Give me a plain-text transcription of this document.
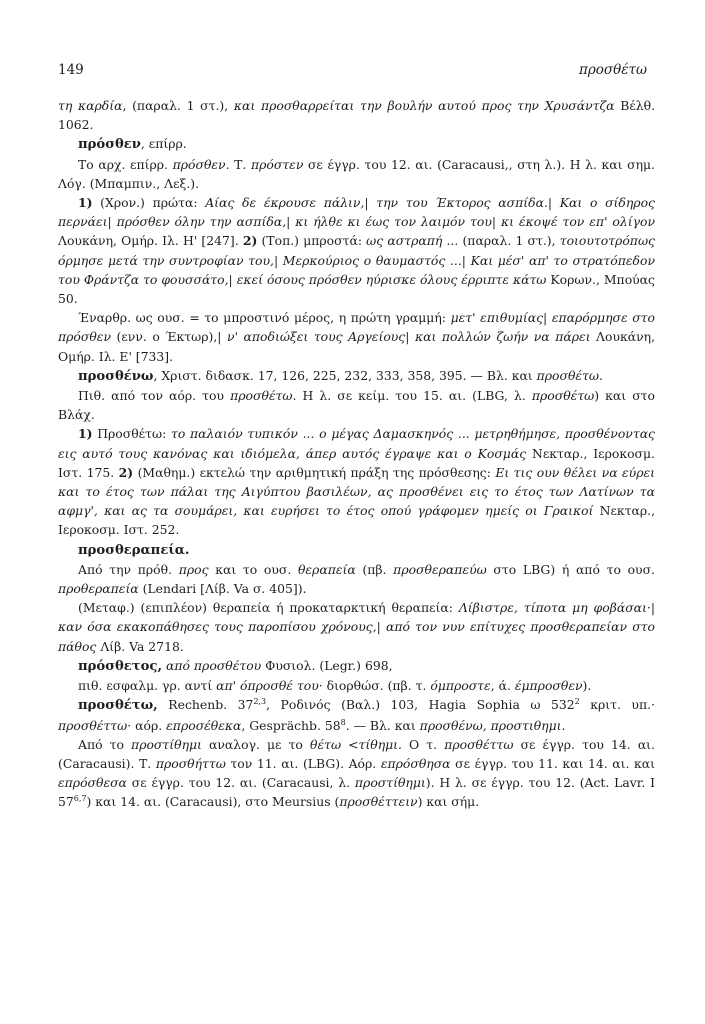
149	προσθέτω

τη καρδία, (παραλ. 1 στ.), και προσθαρρείται την βουλήν αυτού προς την Χρυσάντζα Βέλθ. 1062.

πρόσθεν, επίρρ.

Το αρχ. επίρρ. πρόσθεν. Τ. πρόστεν σε έγγρ. του 12. αι. (Caracausi,, στη λ.). Η λ. και σημ. Λόγ. (Μπαμπιν., Λεξ.).

1) (Χρον.) πρώτα: Αίας δε έκρουσε πάλιν,| την του Έκτορος ασπίδα.| Και ο σίδηρος περνάει| πρόσθεν όλην την ασπίδα,| κι ήλθε κι έως τον λαιμόν του| κι έκοψέ τον επ' ολίγον Λουκάνη, Ομήρ. Ιλ. Η' [247]. 2) (Τοπ.) μπροστά: ως αστραπή ... (παραλ. 1 στ.), τοιουτοτρόπως όρμησε μετά την συντροφίαν του,| Μερκούριος ο θαυμαστός ...| Και μέσ' απ' το στρατόπεδον του Φράντζα το φουσσάτο,| εκεί όσους πρόσθεν ηύρισκε όλους έρριπτε κάτω Κορων., Μπούας 50.

Έναρθρ. ως ουσ. = το μπροστινό μέρος, η πρώτη γραμμή: μετ' επιθυμίας| επαρόρμησε στο πρόσθεν (ενν. ο Έκτωρ),| ν' αποδιώξει τους Αργείους| και πολλών ζωήν να πάρει Λουκάνη, Ομήρ. Ιλ. Ε' [733].

προσθένω, Χριστ. διδασκ. 17, 126, 225, 232, 333, 358, 395. — Βλ. και προσθέτω.

Πιθ. από τον αόρ. του προσθέτω. Η λ. σε κείμ. του 15. αι. (LBG, λ. προσθέτω) και στο Βλάχ.

1) Προσθέτω: το παλαιόν τυπικόν ... ο μέγας Δαμασκηνός ... μετρηθήμησε, προσθένοντας εις αυτό τους κανόνας και ιδιόμελα, άπερ αυτός έγραψε και ο Κοσμάς Νεκταρ., Ιεροκοσμ. Ιστ. 175. 2) (Μαθημ.) εκτελώ την αριθμητική πράξη της πρόσθεσης: Ει τις ουν θέλει να εύρει και το έτος των πάλαι της Αιγύπτου βασιλέων, ας προσθένει εις το έτος των Λατίνων τα αφμγ', και ας τα σουμάρει, και ευρήσει το έτος οπού γράφομεν ημείς οι Γραικοί Νεκταρ., Ιεροκοσμ. Ιστ. 252.

προσθεραπεία.

Από την πρόθ. προς και το ουσ. θεραπεία (πβ. προσθεραπεύω στο LBG) ή από το ουσ. προθεραπεία (Lendari [Λίβ. Va σ. 405]).

(Μεταφ.) (επιπλέον) θεραπεία ή προκαταρκτική θεραπεία: Λίβιστρε, τίποτα μη φοβάσαι·| καν όσα εκακοπάθησες τους παροπίσου χρόνους,| από τον νυν επίτυχες προσθεραπείαν στο πάθος Λίβ. Va 2718.

πρόσθετος, από προσθέτου Φυσιολ. (Legr.) 698,

πιθ. εσφαλμ. γρ. αντί απ' όπροσθέ του· διορθώσ. (πβ. τ. όμπροστε, ά. έμπροσθεν).

προσθέτω, Rechenb. 37$^{2,3}$, Ροδινός (Βαλ.) 103, Hagia Sophia ω $532^2$ κριτ. υπ.· προσθέττω· αόρ. επροσέθεκα, Gesprächb. $58^8$. — Βλ. και προσθένω, προστιθημι.

Από το προστίθημι αναλογ. με το θέτω <τίθημι. Ο τ. προσθέττω σε έγγρ. του 14. αι. (Caracausi). Τ. προσθήττω τον 11. αι. (LBG). Αόρ. επρόσθησα σε έγγρ. του 11. και 14. αι. και επρόσθεσα σε έγγρ. του 12. αι. (Caracausi, λ. προστίθημι). Η λ. σε έγγρ. του 12. (Act. Lavr. I 57$^{6,7}$) και 14. αι. (Caracausi), στο Meursius (προσθέττειν) και σήμ.
